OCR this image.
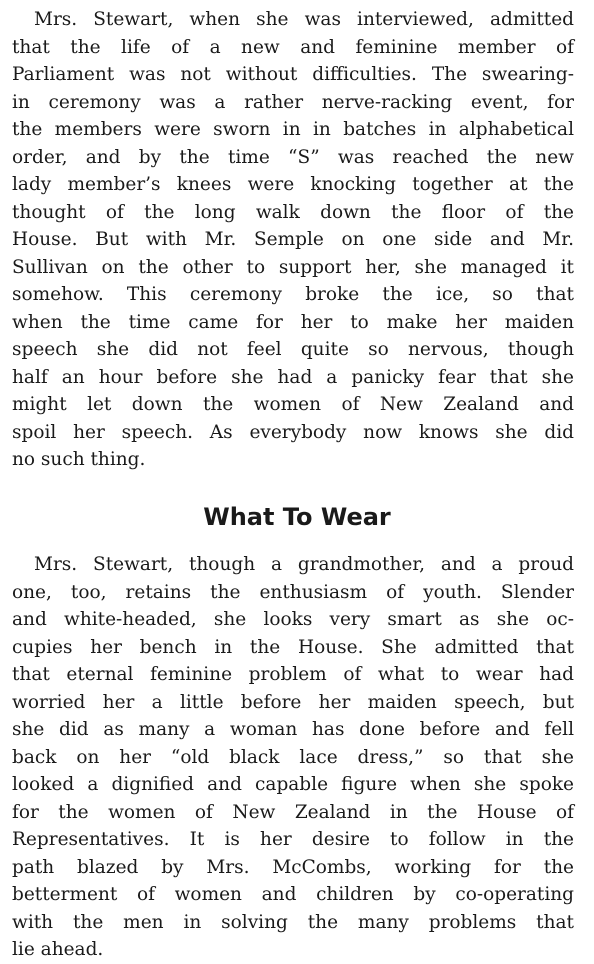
Mrs. Stewart, when she was interviewed, admitted
that the life of a new and feminine member of
Parliament was not without difficulties. The swearing-
in ceremony was a rather nerve-racking event, for
the members were sworn in in batches in alphabetical
order, and by the time “S” was reached the new
lady member’s knees were knocking together at the
thought of the long walk down the floor of the
House. But with Mr. Semple on one side and Mr.
Sullivan on the other to support her, she managed it
somehow. This ceremony broke the ice, so that
when the time came for her to make her maiden
speech she did not feel quite so nervous, though
half an hour before she had a panicky fear that she
might let down the women of New Zealand and
spoil her speech. As everybody now knows she did
no such thing.
What To Wear
Mrs. Stewart, though a grandmother, and a proud
one, too, retains the enthusiasm of youth. Slender
and white-headed, she looks very smart as she oc-
cupies her bench in the House. She admitted that
that eternal feminine problem of what to wear had
worried her a little before her maiden speech, but
she did as many a woman has done before and fell
back on her “old black lace dress,” so that she
looked a dignified and capable figure when she spoke
for the women of New Zealand in the House of
Representatives. It is her desire to follow in the
path blazed by Mrs. McCombs, working for the
betterment of women and children by co-operating
with the men in solving the many problems that
lie ahead.
